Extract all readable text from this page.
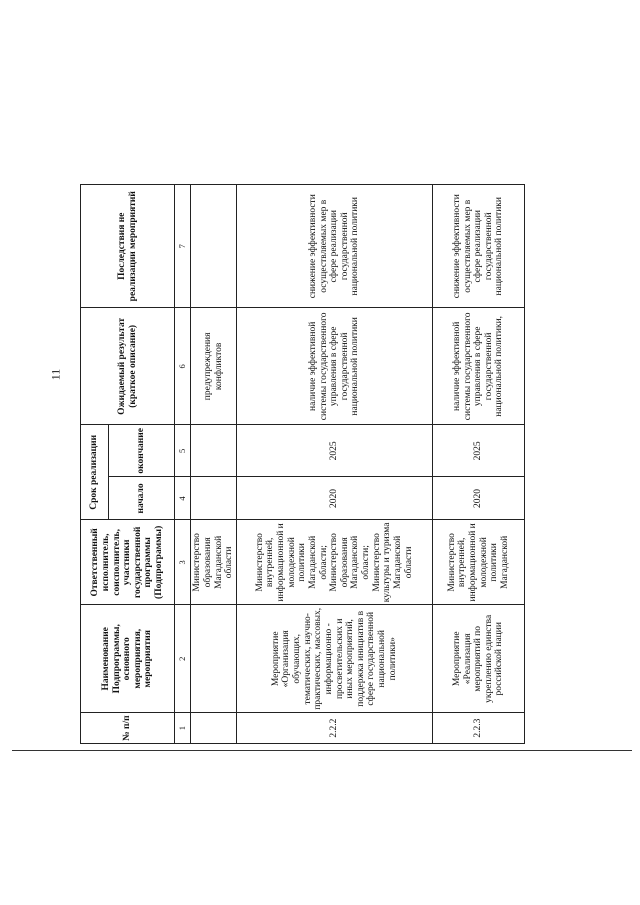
11
№ п/п	Наименование Подпрограммы, основного мероприятия, мероприятия	Ответственный исполнитель, соисполнитель, участники государственной программы (Подпрограммы)	Срок реализации		Ожидаемый результат (краткое описание)	Последствия не реализации мероприятий
			начало	окончание		
1	2	3	4	5	6	7
		Министерство образования Магаданской области			предупреждения конфликтов	
2.2.2	Мероприятие «Организация обучающих, тематических, научно-практических, массовых, информационно - просветительских и иных мероприятий, поддержка инициатив в сфере государственной национальной политики»	Министерство внутренней, информационной и молодежной политики Магаданской области; Министерство образования Магаданской области; Министерство культуры и туризма Магаданской области	2020	2025	наличие эффективной системы государственного управления в сфере государственной национальной политики	снижение эффективности осуществляемых мер в сфере реализации государственной национальной политики
2.2.3	Мероприятие «Реализация мероприятий по укреплению единства российской нации	Министерство внутренней, информационной и молодежной политики Магаданской	2020	2025	наличие эффективной системы государственного управления в сфере государственной национальной политики,	снижение эффективности осуществляемых мер в сфере реализации государственной национальной политики
